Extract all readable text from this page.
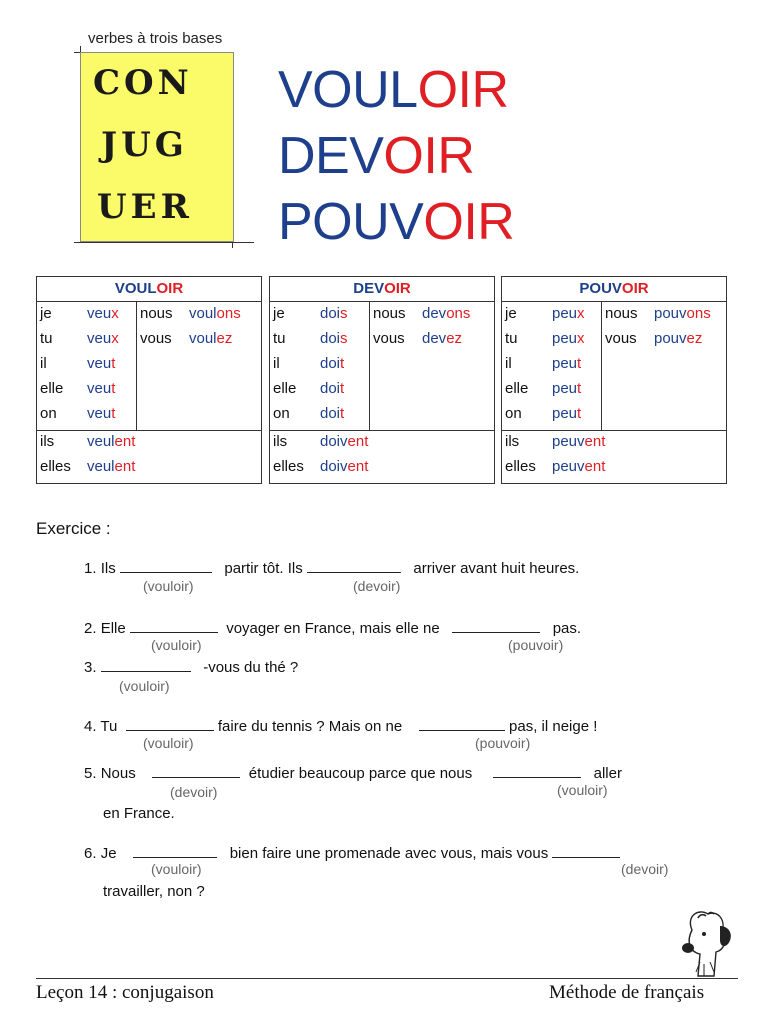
verbes à trois bases
CON
JUG
UER
VOULOIR
DEVOIR
POUVOIR
VOULOIR
je veux
tu veux
il	veut
elle veut
on veut
nous voulons
vous voulez
ils veulent
elles veulent
DEVOIR
je dois
tu dois
il	doit
elle doit
on doit
nous devons
vous devez
ils doivent
elles doivent
POUVOIR
je peux
tu peux
il	peut
elle peut
on peut
nous pouvons
vous pouvez
ils peuvent
elles peuvent
Exercice :
1. Ils	partir tôt. Ils	arriver avant huit heures.
(vouloir)	(devoir)
2. Elle	voyager en France, mais elle ne	pas.
(vouloir)	(pouvoir)
3.	-vous du thé ?
(vouloir)
4. Tu	faire du tennis ? Mais on ne	pas, il neige !
(vouloir)	(pouvoir)
5. Nous	étudier beaucoup parce que nous	aller
(devoir)	(vouloir)
en France.
6. Je	bien faire une promenade avec vous, mais vous
(vouloir)	(devoir)
travailler, non ?
Leçon 14 : conjugaison	Méthode de français
